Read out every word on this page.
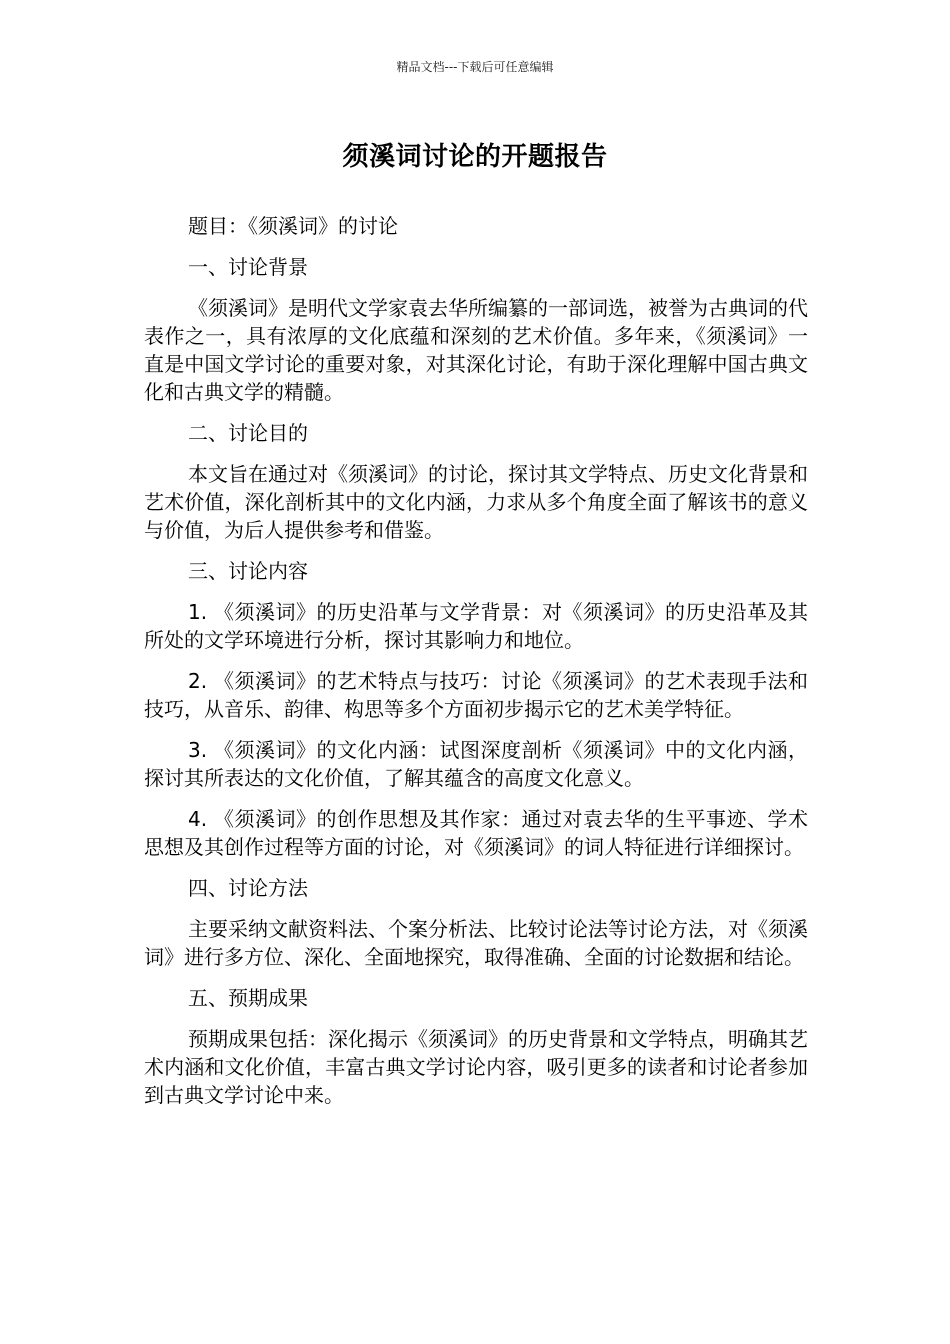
精品文档---下载后可任意编辑
须溪词讨论的开题报告

题目：《须溪词》的讨论

一、讨论背景

《须溪词》是明代文学家袁去华所编纂的一部词选，被誉为古典词的代表作之一，具有浓厚的文化底蕴和深刻的艺术价值。多年来，《须溪词》一直是中国文学讨论的重要对象，对其深化讨论，有助于深化理解中国古典文化和古典文学的精髓。

二、讨论目的

本文旨在通过对《须溪词》的讨论，探讨其文学特点、历史文化背景和艺术价值，深化剖析其中的文化内涵，力求从多个角度全面了解该书的意义与价值，为后人提供参考和借鉴。

三、讨论内容

1. 《须溪词》的历史沿革与文学背景：对《须溪词》的历史沿革及其所处的文学环境进行分析，探讨其影响力和地位。

2. 《须溪词》的艺术特点与技巧：讨论《须溪词》的艺术表现手法和技巧，从音乐、韵律、构思等多个方面初步揭示它的艺术美学特征。

3. 《须溪词》的文化内涵：试图深度剖析《须溪词》中的文化内涵，探讨其所表达的文化价值，了解其蕴含的高度文化意义。

4. 《须溪词》的创作思想及其作家：通过对袁去华的生平事迹、学术思想及其创作过程等方面的讨论，对《须溪词》的词人特征进行详细探讨。

四、讨论方法

主要采纳文献资料法、个案分析法、比较讨论法等讨论方法，对《须溪词》进行多方位、深化、全面地探究，取得准确、全面的讨论数据和结论。

五、预期成果

预期成果包括：深化揭示《须溪词》的历史背景和文学特点，明确其艺术内涵和文化价值，丰富古典文学讨论内容，吸引更多的读者和讨论者参加到古典文学讨论中来。
